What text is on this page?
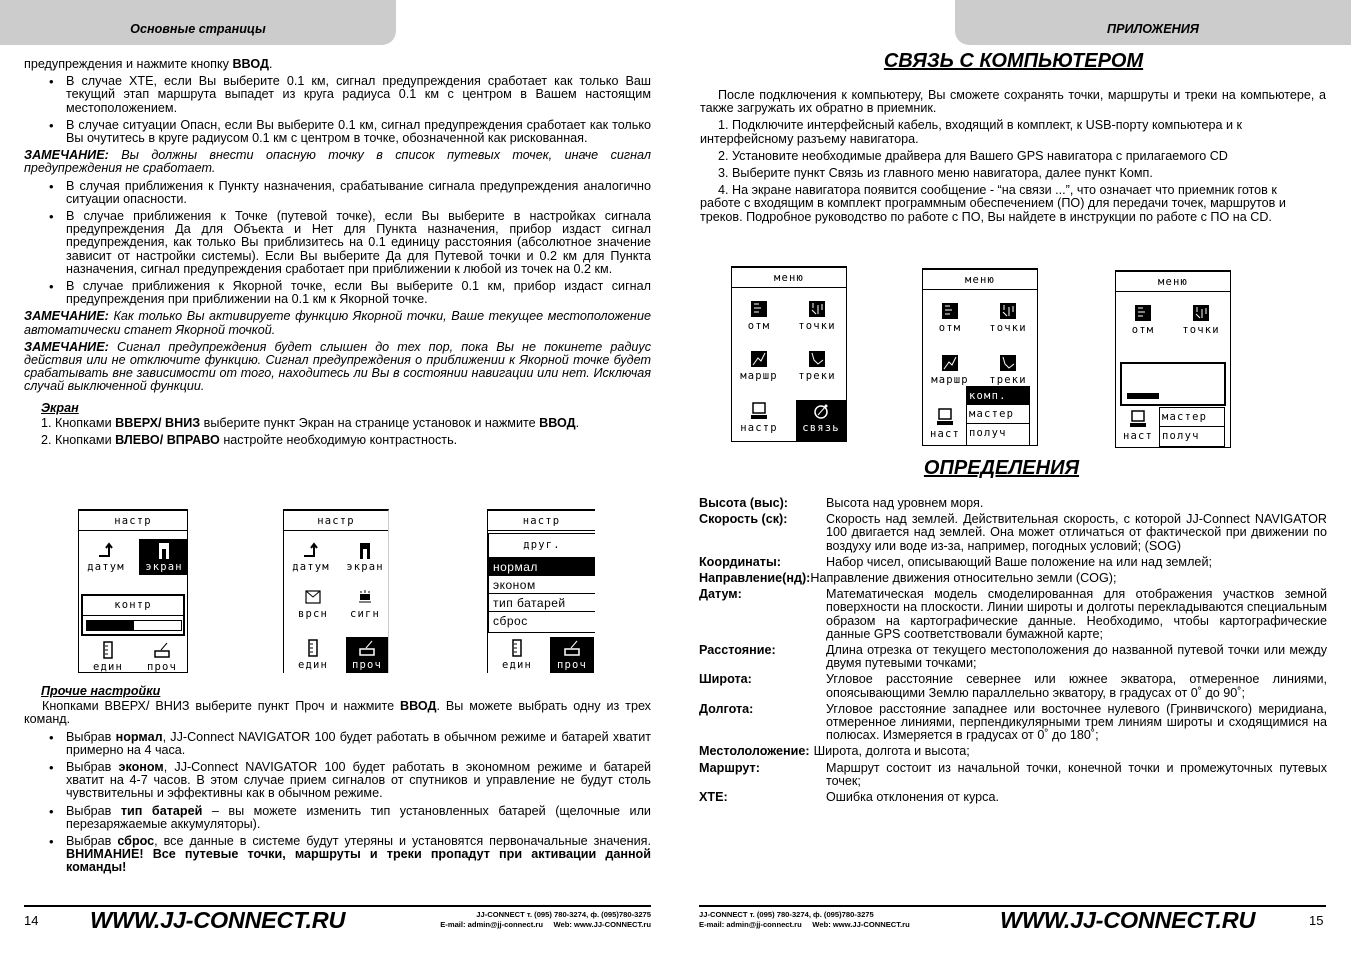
Основные страницы
предупреждения и нажмите кнопку ВВОД.
• В случае XTE, если Вы выберите 0.1 км, сигнал предупреждения сработает как только Ваш текущий этап маршрута выпадет из круга радиуса 0.1 км с центром в Вашем настоящим местоположением.
• В случае ситуации Опасн, если Вы выберите 0.1 км, сигнал предупреждения сработает как только Вы очутитесь в круге радиусом 0.1 км с центром в точке, обозначенной как рискованная.
ЗАМЕЧАНИЕ: Вы должны внести опасную точку в список путевых точек, иначе сигнал предупреждения не сработает.
• В случая приближения к Пункту назначения, срабатывание сигнала предупреждения аналогично ситуации опасности.
• В случае приближения к Точке (путевой точке), если Вы выберите в настройках сигнала предупреждения Да для Объекта и Нет для Пункта назначения, прибор издаст сигнал предупреждения, как только Вы приблизитесь на 0.1 единицу расстояния (абсолютное значение зависит от настройки системы). Если Вы выберите Да для Путевой точки и 0.2 км для Пункта назначения, сигнал предупреждения сработает при приближении к любой из точек на 0.2 км.
• В случае приближения к Якорной точке, если Вы выберите 0.1 км, прибор издаст сигнал предупреждения при приближении на 0.1 км к Якорной точке.
ЗАМЕЧАНИЕ: Как только Вы активируете функцию Якорной точки, Ваше текущее местоположение автоматически станет Якорной точкой.
ЗАМЕЧАНИЕ: Сигнал предупреждения будет слышен до тех пор, пока Вы не покинете радиус действия или не отключите функцию. Сигнал предупреждения о приближении к Якорной точке будет срабатывать вне зависимости от того, находитесь ли Вы в состоянии навигации или нет. Исключая случай выключенной функции.
Экран
1. Кнопками ВВЕРХ/ ВНИЗ выберите пункт Экран на странице установок и нажмите ВВОД.
2. Кнопками ВЛЕВО/ ВПРАВО настройте необходимую контрастность.
настр
датум	экран
контр
един	проч
настр
датум	экран
врсн	сигн
един	проч
настр
друг.
нормал
эконом
тип батарей
сброс
един	проч
Прочие настройки
Кнопками ВВЕРХ/ ВНИЗ выберите пункт Проч и нажмите ВВОД. Вы можете выбрать одну из трех команд.
• Выбрав нормал, JJ-Connect NAVIGATOR 100 будет работать в обычном режиме и батарей хватит примерно на 4 часа.
• Выбрав эконом, JJ-Connect NAVIGATOR 100 будет работать в экономном режиме и батарей хватит на 4-7 часов. В этом случае прием сигналов от спутников и управление не будут столь чувствительны и эффективны как в обычном режиме.
• Выбрав тип батарей – вы можете изменить тип установленных батарей (щелочные или перезаряжаемые аккумуляторы).
• Выбрав сброс, все данные в системе будут утеряны и установятся первоначальные значения. ВНИМАНИЕ! Все путевые точки, маршруты и треки пропадут при активации данной команды!
14 WWW.JJ-CONNECT.RU	JJ-CONNECT т. (095) 780-3274, ф. (095)780-3275
E-mail: admin@jj-connect.ru     Web: www.JJ-CONNECT.ru
ПРИЛОЖЕНИЯ
СВЯЗЬ С КОМПЬЮТЕРОМ
После подключения к компьютеру, Вы сможете сохранять точки, маршруты и треки на компьютере, а также загружать их обратно в приемник.
1. Подключите интерфейсный кабель, входящий в комплект, к USB-порту компьютера и к интерфейсному разъему навигатора.
2. Установите необходимые драйвера для Вашего GPS навигатора с прилагаемого CD
3. Выберите пункт Связь из главного меню навигатора, далее пункт Комп.
4. На экране навигатора появится сообщение - “на связи ...”, что означает что приемник готов к работе с входящим в комплект программным обеспечением (ПО) для передачи точек, маршрутов и треков. Подробное руководство по работе с ПО, Вы найдете в инструкции по работе с ПО на CD.
меню
отм	точки
маршр	треки
настр	связь
меню
отм	точки
маршр	треки
наст
комп.
мастер
получ
меню
отм	точки
на связи...
наст
мастер
получ
ОПРЕДЕЛЕНИЯ
Высота (выс):	Высота над уровнем моря.
Скорость (ск):	Скорость над землей. Действительная скорость, с которой JJ-Connect NAVIGATOR 100 двигается над землей. Она может отличаться от фактической при движении по воздуху или воде из-за, например, погодных условий; (SOG)
Координаты:	Набор чисел, описывающий Ваше положение на или над землей;
Направление(нд): Направление движения относительно земли (COG);
Датум:	Математическая модель смоделированная для отображения участков земной поверхности на плоскости. Линии широты и долготы перекладываются специальным образом на картографические данные. Необходимо, чтобы картографические данные GPS соответствовали бумажной карте;
Расстояние:	Длина отрезка от текущего местоположения до названной путевой точки или между двумя путевыми точками;
Широта:	Угловое расстояние севернее или южнее экватора, отмеренное линиями, опоясывающими Землю параллельно экватору, в градусах от 0˚ до 90˚;
Долгота:	Угловое расстояние западнее или восточнее нулевого (Гринвичского) меридиана, отмеренное линиями, перпендикулярными трем линиям широты и сходящимися на полюсах. Измеряется в градусах от 0˚ до 180˚;
Местололожение: Широта, долгота и высота;
Маршрут:	Маршрут состоит из начальной точки, конечной точки и промежуточных путевых точек;
XTE:	Ошибка отклонения от курса.
JJ-CONNECT т. (095) 780-3274, ф. (095)780-3275
E-mail: admin@jj-connect.ru     Web: www.JJ-CONNECT.ru	WWW.JJ-CONNECT.RU	15
